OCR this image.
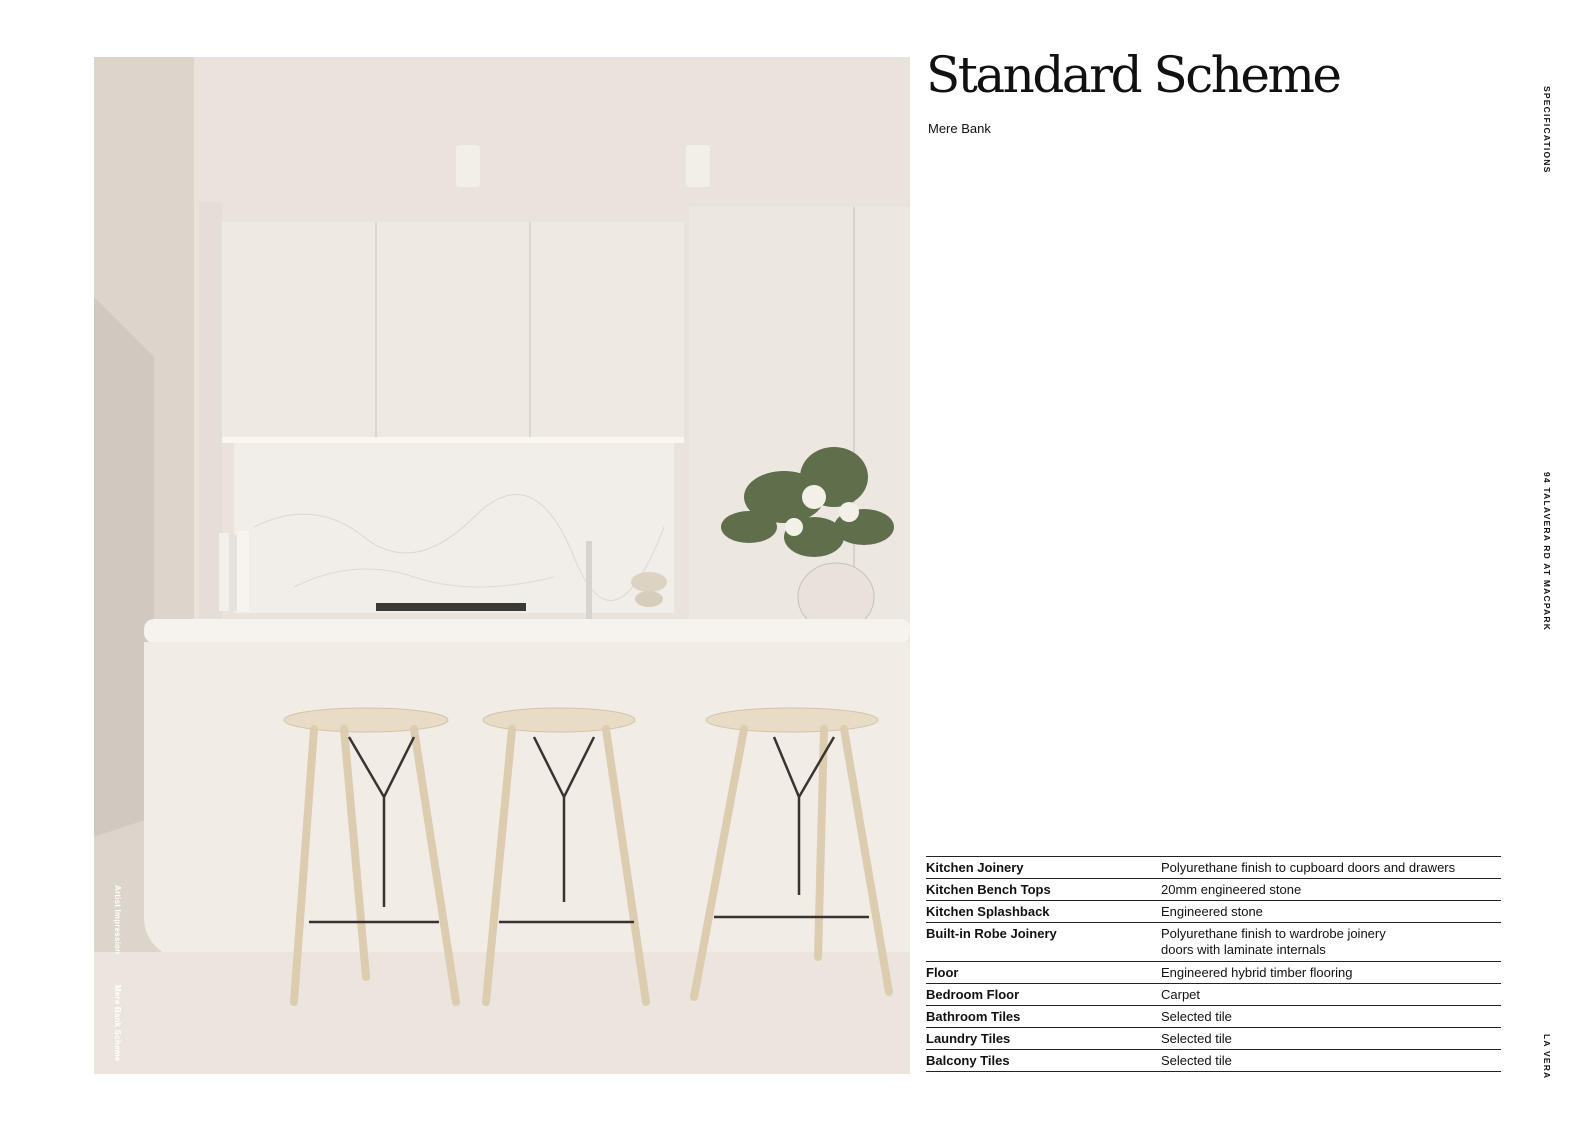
Artist Impression
Mere Bank Scheme
Standard Scheme
Mere Bank	SPECIFICATIONS
94 TALAVERA RD AT MACPARK
LA VERA
Kitchen Joinery	Polyurethane finish to cupboard doors and drawers
Kitchen Bench Tops	20mm engineered stone
Kitchen Splashback	Engineered stone
Built-in Robe Joinery	Polyurethane finish to wardrobe joinery doors with laminate internals
Floor	Engineered hybrid timber flooring
Bedroom Floor	Carpet
Bathroom Tiles	Selected tile
Laundry Tiles	Selected tile
Balcony Tiles	Selected tile
